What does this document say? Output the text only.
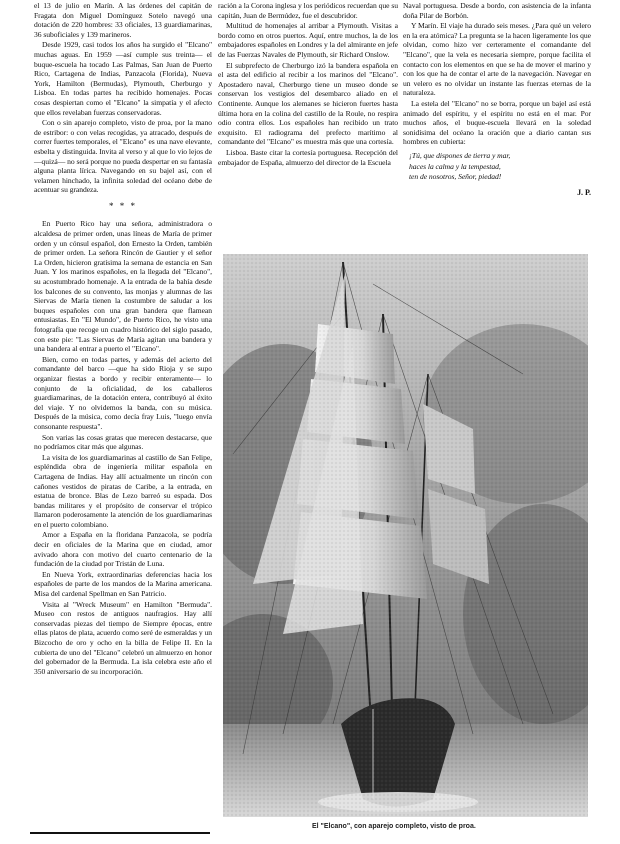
el 13 de julio en Marín. A las órdenes del capitán de Fragata don Miguel Domínguez Sotelo navegó una dotación de 220 hombres: 33 oficiales, 13 guardiamarinas, 36 suboficiales y 139 marineros.

Desde 1929, casi todos los años ha surgido el "Elcano" muchas aguas. En 1959 —así cumple sus treinta— el buque-escuela ha tocado Las Palmas, San Juan de Puerto Rico, Cartagena de Indias, Panzacola (Florida), Nueva York, Hamilton (Bermudas), Plymouth, Cherburgo y Lisboa. En todas partes ha recibido homenajes. Pocas cosas despiertan como el "Elcano" la simpatía y el afecto que ellos revelaban fuerzas conservadoras.

Con o sin aparejo completo, visto de proa, por la mano de estribor: o con velas recogidas, ya atracado, después de correr fuertes temporales, el "Elcano" es una nave elevante, esbelta y distinguida. Invita al verso y al que lo vio lejos de —quizá— no será porque no pueda despertar en su fantasía alguna planta lírica. Navegando en su bajel así, con el velamen hinchado, la infinita soledad del océano debe de acentuar su grandeza.

* * *

En Puerto Rico hay una señora, administradora o alcaldesa de primer orden, unas líneas de María de primer orden y un cónsul español, don Ernesto la Orden, también de primer orden. La señora Rincón de Gautier y el señor La Orden, hicieron gratísima la semana de estancia en San Juan. Y los marinos españoles, en la llegada del "Elcano", su acostumbrado homenaje. A la entrada de la bahía desde los balcones de su convento, las monjas y alumnas de las Siervas de María tienen la costumbre de saludar a los buques españoles con una gran bandera que flamean entusiastas. En "El Mundo", de Puerto Rico, he visto una fotografía que recoge un cuadro histórico del siglo pasado, con este pie: "Las Siervas de María agitan una bandera y una bandera al entrar a puerto el "Elcano".

Bien, como en todas partes, y además del acierto del comandante del barco —que ha sido Rioja y se supo organizar fiestas a bordo y recibir enteramente— lo conjunto de la oficialidad, de los caballeros guardiamarinas, de la dotación entera, contribuyó al éxito del viaje. Y no olvidemos la banda, con su música. Después de la música, como decía fray Luis, "luego envía consonante respuesta".

Son varias las cosas gratas que merecen destacarse, que no podríamos citar más que algunas.

La visita de los guardiamarinas al castillo de San Felipe, espléndida obra de ingeniería militar española en Cartagena de Indias. Hay allí actualmente un rincón con cañones vestidos de piratas de Caribe, a la entrada, en estatua de bronce. Blas de Lezo barreó su espada. Dos bandas militares y el propósito de conservar el trópico llamaron poderosamente la atención de los guardiamarinas en el puerto colombiano.

Amor a España en la floridana Panzacola, se podría decir en oficiales de la Marina que en ciudad, amor avivado ahora con motivo del cuarto centenario de la fundación de la ciudad por Tristán de Luna.

En Nueva York, extraordinarias deferencias hacia los españoles de parte de los mandos de la Marina americana. Misa del cardenal Spellman en San Patricio.

Visita al "Wreck Museum" en Hamilton "Bermuda". Museo con restos de antiguos naufragios. Hay allí conservadas piezas del tiempo de Siempre épocas, entre ellas platos de plata, acuerdo como seré de esmeraldas y un Bizcocho de oro y ocho en la billa de Felipe II. En la cubierta de uno del "Elcano" celebró un almuerzo en honor del gobernador de la Bermuda. La isla celebra este año el 350 aniversario de su incorporación.

ración a la Corona inglesa y los periódicos recuerdan que su capitán, Juan de Bermúdez, fue el descubridor.

Multitud de homenajes al arribar a Plymouth. Visitas a bordo como en otros puertos. Aquí, entre muchos, la de los embajadores españoles en Londres y la del almirante en jefe de las Fuerzas Navales de Plymouth, sir Richard Onslow.

El subprefecto de Cherburgo izó la bandera española en el asta del edificio al recibir a los marinos del "Elcano". Apostadero naval, Cherburgo tiene un museo donde se conservan los vestigios del desembarco aliado en el Continente. Aunque los alemanes se hicieron fuertes hasta última hora en la colina del castillo de la Roule, no respira odio contra ellos. Los españoles han recibido un trato exquisito. El radiograma del prefecto marítimo al comandante del "Elcano" es muestra más que una cortesía.

Lisboa. Baste citar la cortesía portuguesa. Recepción del embajador de España, almuerzo del director de la Escuela

Naval portuguesa. Desde a bordo, con asistencia de la infanta doña Pilar de Borbón.

Y Marín. El viaje ha durado seis meses. ¿Para qué un velero en la era atómica? La pregunta se la hacen ligeramente los que olvidan, como hizo ver certeramente el comandante del "Elcano", que la vela es necesaria siempre, porque facilita el contacto con los elementos en que se ha de mover el marino y con los que ha de contar el arte de la navegación. Navegar en un velero es no olvidar un instante las fuerzas eternas de la naturaleza.

La estela del "Elcano" no se borra, porque un bajel así está animado del espíritu, y el espíritu no está en el mar. Por muchos años, el buque-escuela llevará en la soledad sonidísima del océano la oración que a diario cantan sus hombres en cubierta:

¡Tú, que dispones de tierra y mar,

haces la calma y la tempestad,

ten de nosotros, Señor, piedad!

J. P.
El "Elcano", con aparejo completo, visto de proa.
